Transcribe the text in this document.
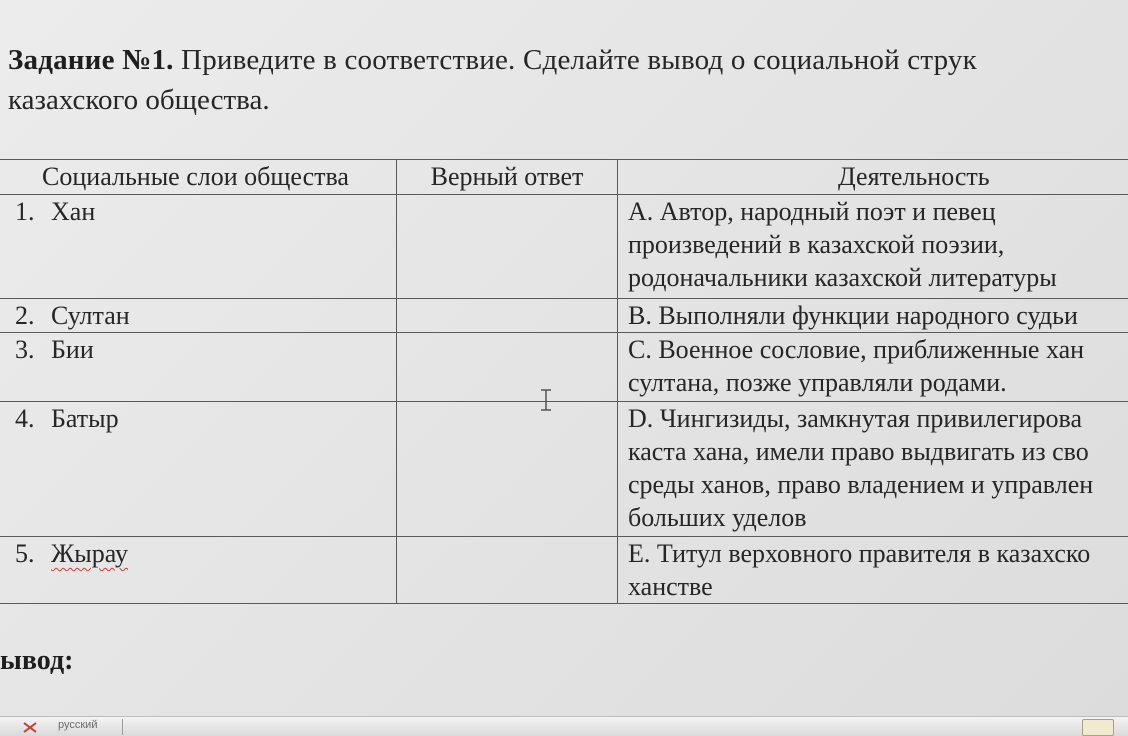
Задание №1. Приведите в соответствие. Сделайте вывод о социальной струк
казахского общества.
Социальные слои общества	Верный ответ	Деятельность
1. Хан		А. Автор, народный поэт и певец
произведений в казахской поэзии,
родоначальники казахской литературы

2. Султан		В. Выполняли функции народного судьи

3. Бии		С. Военное сословие, приближенные хан
султана, позже управляли родами.

4. Батыр		D. Чингизиды, замкнутая привилегирова
каста хана, имели право выдвигать из сво
среды ханов, право владением и управлен
больших уделов

5. Жырау		Е. Титул верховного правителя в казахско
ханстве
ывод:
русский
